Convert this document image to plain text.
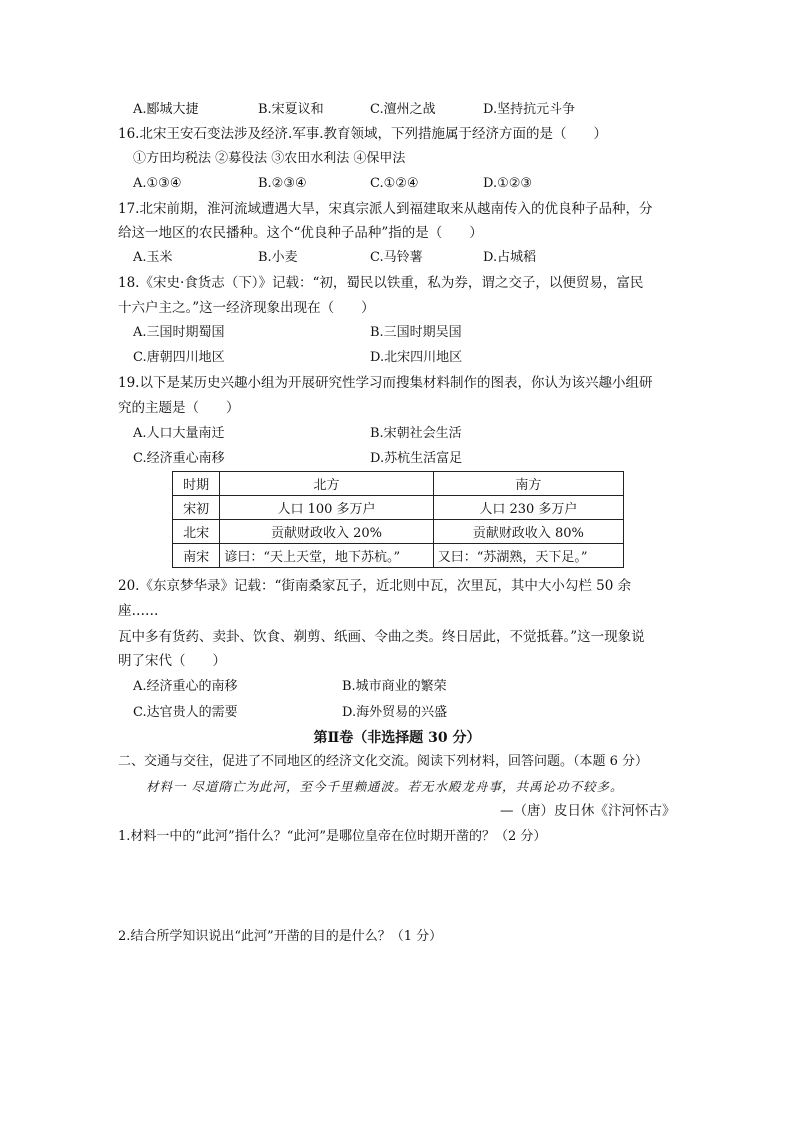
A.郾城大捷	B.宋夏议和	C.澶州之战	D.坚持抗元斗争
16.北宋王安石变法涉及经济.军事.教育领域，下列措施属于经济方面的是（　　）
①方田均税法 ②募役法 ③农田水利法 ④保甲法
A.①③④	B.②③④	C.①②④	D.①②③
17.北宋前期，淮河流域遭遇大旱，宋真宗派人到福建取来从越南传入的优良种子品种，分
给这一地区的农民播种。这个“优良种子品种”指的是（　　）
A.玉米	B.小麦	C.马铃薯	D.占城稻
18.《宋史·食货志（下）》记载：“初，蜀民以铁重，私为券，谓之交子，以便贸易，富民
十六户主之。”这一经济现象出现在（　　）
A.三国时期蜀国	B.三国时期吴国
C.唐朝四川地区	D.北宋四川地区
19.以下是某历史兴趣小组为开展研究性学习而搜集材料制作的图表，你认为该兴趣小组研
究的主题是（　　）
A.人口大量南迁	B.宋朝社会生活
C.经济重心南移	D.苏杭生活富足
时期	北方	南方
宋初	人口 100 多万户	人口 230 多万户
北宋	贡献财政收入 20%	贡献财政收入 80%
南宋	谚曰：“天上天堂，地下苏杭。”	又曰：“苏湖熟，天下足。”
20.《东京梦华录》记载：“街南桑家瓦子，近北则中瓦，次里瓦，其中大小勾栏 50 余
座……
瓦中多有货药、卖卦、饮食、剃剪、纸画、令曲之类。终日居此，不觉抵暮。”这一现象说
明了宋代（　　）
A.经济重心的南移	B.城市商业的繁荣
C.达官贵人的需要	D.海外贸易的兴盛
第Ⅱ卷（非选择题 30 分）
二、交通与交往，促进了不同地区的经济文化交流。阅读下列材料，回答问题。（本题 6 分）
材料一 尽道隋亡为此河，至今千里赖通波。若无水殿龙舟事，共禹论功不较多。
—（唐）皮日休《汴河怀古》
1.材料一中的“此河”指什么？“此河”是哪位皇帝在位时期开凿的？（2 分）
2.结合所学知识说出“此河”开凿的目的是什么？（1 分）
